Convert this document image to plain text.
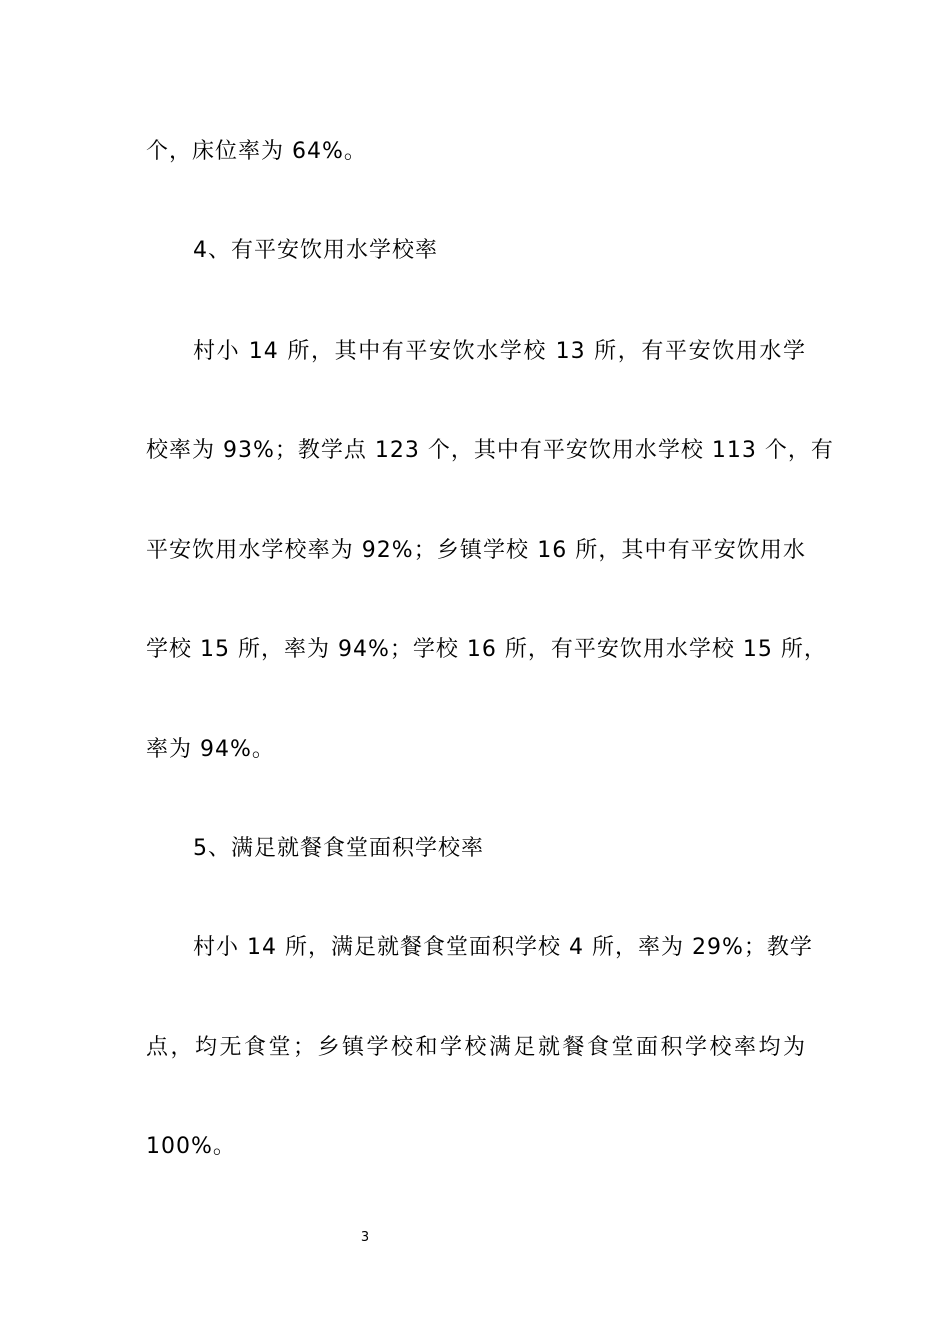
个，床位率为 64%。
4、有平安饮用水学校率
村小 14 所，其中有平安饮水学校 13 所，有平安饮用水学
校率为 93%；教学点 123 个，其中有平安饮用水学校 113 个，有
平安饮用水学校率为 92%；乡镇学校 16 所，其中有平安饮用水
学校 15 所，率为 94%；学校 16 所，有平安饮用水学校 15 所，
率为 94%。
5、满足就餐食堂面积学校率
村小 14 所，满足就餐食堂面积学校 4 所，率为 29%；教学
点，均无食堂；乡镇学校和学校满足就餐食堂面积学校率均为
100%。
3
